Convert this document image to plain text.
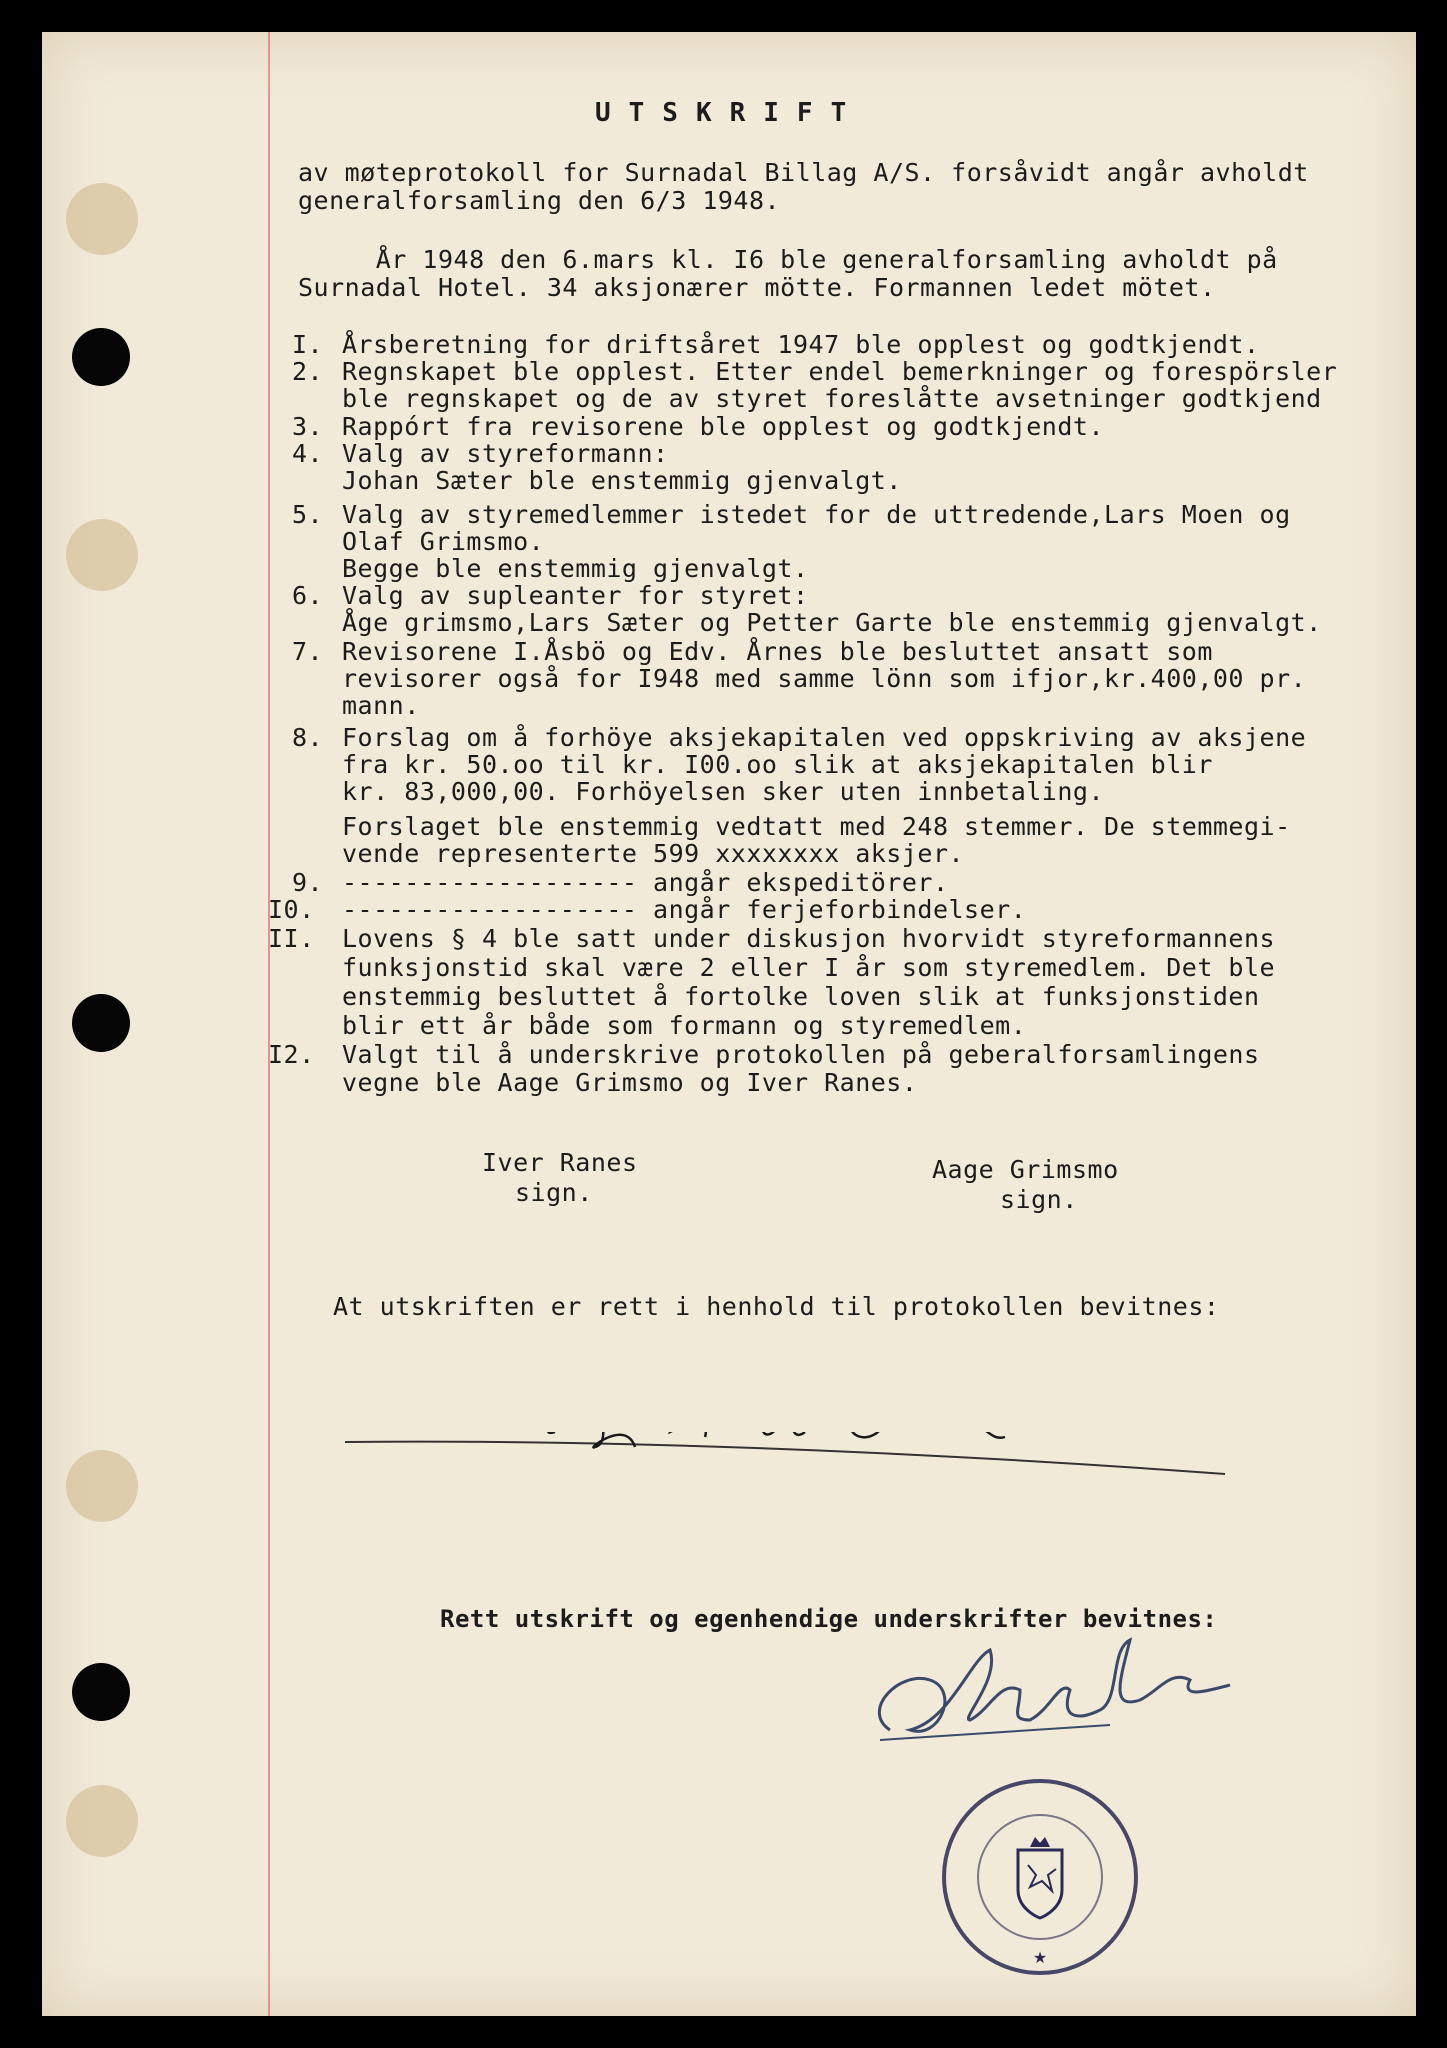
UTSKRIFT
av møteprotokoll for Surnadal Billag A/S. forsåvidt angår avholdt
generalforsamling den 6/3 1948.
År 1948 den 6.mars kl. I6 ble generalforsamling avholdt på
Surnadal Hotel. 34 aksjonærer mötte. Formannen ledet mötet.
I. Årsberetning for driftsåret 1947 ble opplest og godtkjendt.
2. Regnskapet ble opplest. Etter endel bemerkninger og forespörsler
ble regnskapet og de av styret foreslåtte avsetninger godtkjend
3. Rappórt fra revisorene ble opplest og godtkjendt.
4. Valg av styreformann:
Johan Sæter ble enstemmig gjenvalgt.
5. Valg av styremedlemmer istedet for de uttredende,Lars Moen og
Olaf Grimsmo.
Begge ble enstemmig gjenvalgt.
6. Valg av supleanter for styret:
Åge grimsmo,Lars Sæter og Petter Garte ble enstemmig gjenvalgt.
7. Revisorene I.Åsbö og Edv. Årnes ble besluttet ansatt som
revisorer også for I948 med samme lönn som ifjor,kr.400,00 pr.
mann.
8. Forslag om å forhöye aksjekapitalen ved oppskriving av aksjene
fra kr. 50.oo til kr. I00.oo slik at aksjekapitalen blir
kr. 83,000,00. Forhöyelsen sker uten innbetaling.
Forslaget ble enstemmig vedtatt med 248 stemmer. De stemmegi-
vende representerte 599 xxxxxxxx aksjer.
9. ------------------- angår ekspeditörer.
I0. ------------------- angår ferjeforbindelser.
II. Lovens § 4 ble satt under diskusjon hvorvidt styreformannens
funksjonstid skal være 2 eller I år som styremedlem. Det ble
enstemmig besluttet å fortolke loven slik at funksjonstiden
blir ett år både som formann og styremedlem.
I2. Valgt til å underskrive protokollen på geberalforsamlingens
vegne ble Aage Grimsmo og Iver Ranes.
Iver Ranes
sign.
Aage Grimsmo
sign.
At utskriften er rett i henhold til protokollen bevitnes:
Rett utskrift og egenhendige underskrifter bevitnes:
★
